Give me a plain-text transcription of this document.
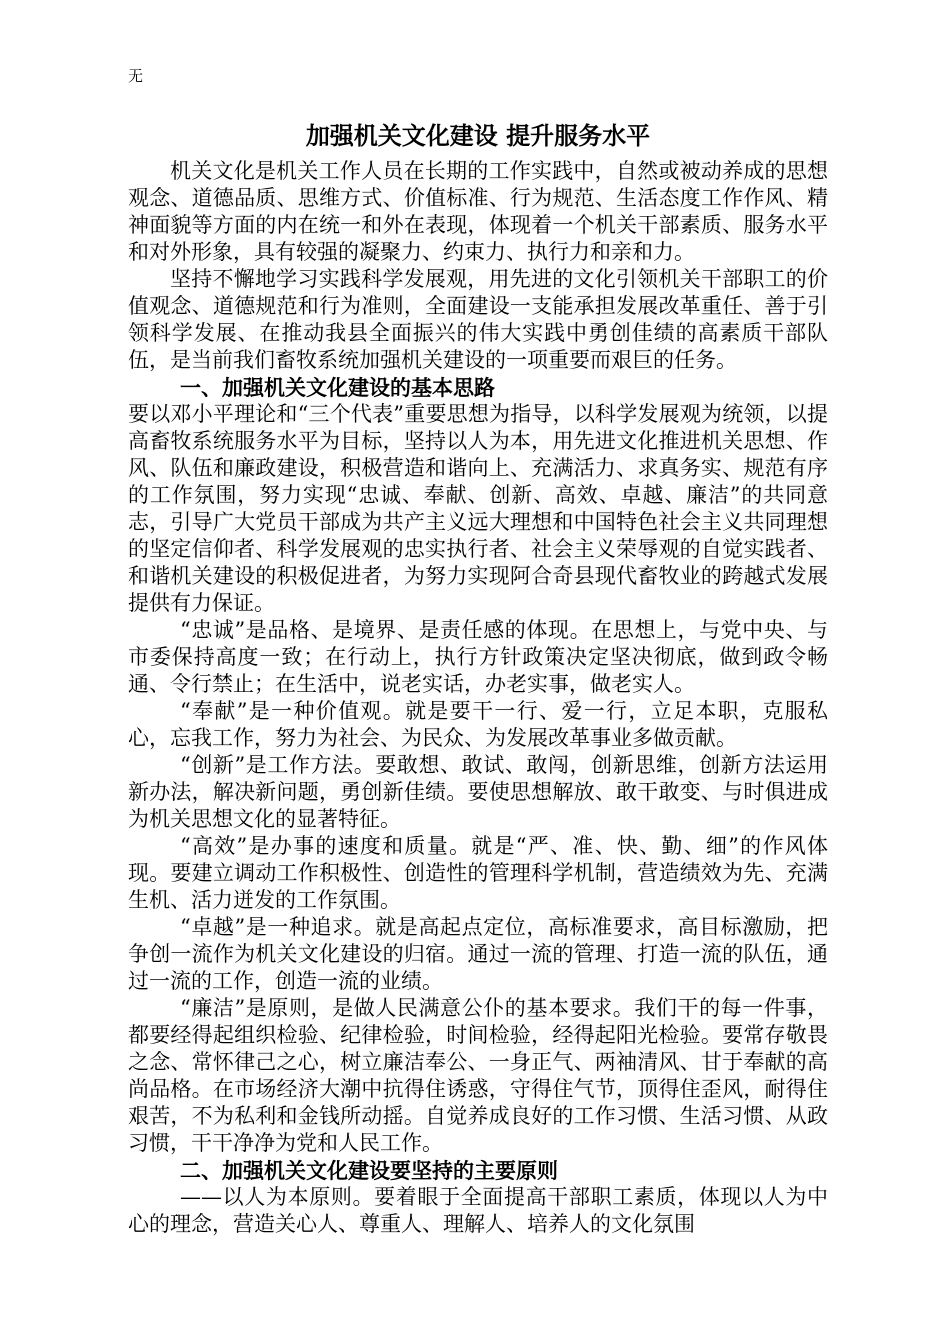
无
加强机关文化建设 提升服务水平

机关文化是机关工作人员在长期的工作实践中，自然或被动养成的思想观念、道德品质、思维方式、价值标准、行为规范、生活态度工作作风、精神面貌等方面的内在统一和外在表现，体现着一个机关干部素质、服务水平和对外形象，具有较强的凝聚力、约束力、执行力和亲和力。

坚持不懈地学习实践科学发展观，用先进的文化引领机关干部职工的价值观念、道德规范和行为准则，全面建设一支能承担发展改革重任、善于引领科学发展、在推动我县全面振兴的伟大实践中勇创佳绩的高素质干部队伍，是当前我们畜牧系统加强机关建设的一项重要而艰巨的任务。

一、加强机关文化建设的基本思路

要以邓小平理论和“三个代表”重要思想为指导，以科学发展观为统领，以提高畜牧系统服务水平为目标，坚持以人为本，用先进文化推进机关思想、作风、队伍和廉政建设，积极营造和谐向上、充满活力、求真务实、规范有序的工作氛围，努力实现“忠诚、奉献、创新、高效、卓越、廉洁”的共同意志，引导广大党员干部成为共产主义远大理想和中国特色社会主义共同理想的坚定信仰者、科学发展观的忠实执行者、社会主义荣辱观的自觉实践者、和谐机关建设的积极促进者，为努力实现阿合奇县现代畜牧业的跨越式发展提供有力保证。

“忠诚”是品格、是境界、是责任感的体现。在思想上，与党中央、与市委保持高度一致；在行动上，执行方针政策决定坚决彻底，做到政令畅通、令行禁止；在生活中，说老实话，办老实事，做老实人。

“奉献”是一种价值观。就是要干一行、爱一行，立足本职，克服私心，忘我工作，努力为社会、为民众、为发展改革事业多做贡献。

“创新”是工作方法。要敢想、敢试、敢闯，创新思维，创新方法运用新办法，解决新问题，勇创新佳绩。要使思想解放、敢干敢变、与时俱进成为机关思想文化的显著特征。

“高效”是办事的速度和质量。就是“严、准、快、勤、细”的作风体现。要建立调动工作积极性、创造性的管理科学机制，营造绩效为先、充满生机、活力迸发的工作氛围。

“卓越”是一种追求。就是高起点定位，高标准要求，高目标激励，把争创一流作为机关文化建设的归宿。通过一流的管理、打造一流的队伍，通过一流的工作，创造一流的业绩。

“廉洁”是原则，是做人民满意公仆的基本要求。我们干的每一件事，都要经得起组织检验、纪律检验，时间检验，经得起阳光检验。要常存敬畏之念、常怀律己之心，树立廉洁奉公、一身正气、两袖清风、甘于奉献的高尚品格。在市场经济大潮中抗得住诱惑，守得住气节，顶得住歪风，耐得住艰苦，不为私利和金钱所动摇。自觉养成良好的工作习惯、生活习惯、从政习惯，干干净净为党和人民工作。

二、加强机关文化建设要坚持的主要原则

——以人为本原则。要着眼于全面提高干部职工素质，体现以人为中心的理念，营造关心人、尊重人、理解人、培养人的文化氛围
